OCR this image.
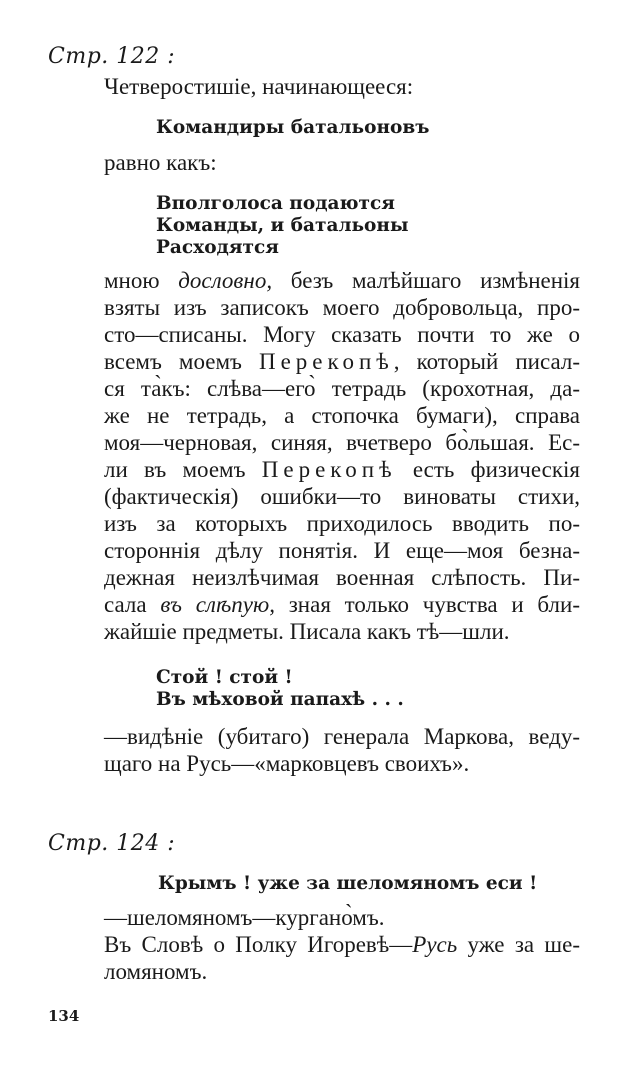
Стр. 122 :
Четверостишіе, начинающееся:
Командиры батальоновъ
равно какъ:
Вполголоса подаются
Команды, и батальоны
Расходятся
мною дословно, безъ малѣйшаго измѣненія
взяты изъ записокъ моего добровольца, про-
сто—списаны. Могу сказать почти то же о
всемъ моемъ Перекопѣ, который писал-
ся та̀къ: слѣва—его̀ тетрадь (крохотная, да-
же не тетрадь, а стопочка бумаги), справа
моя—черновая, синяя, вчетверо бо̀льшая. Ес-
ли въ моемъ Перекопѣ есть физическія
(фактическія) ошибки—то виноваты стихи,
изъ за которыхъ приходилось вводить по-
стороннія дѣлу понятія. И еще—моя безна-
дежная неизлѣчимая военная слѣпость. Пи-
сала въ слѣпую, зная только чувства и бли-
жайшіе предметы. Писала какъ тѣ—шли.
Стой ! стой !
Въ мѣховой папахѣ . . .
—видѣніе (убитаго) генерала Маркова, веду-
щаго на Русь—«марковцевъ своихъ».
Стр. 124 :
Крымъ ! уже за шеломяномъ еси !
—шеломяномъ—кургано̀мъ.
Въ Словѣ о Полку Игоревѣ—Русь уже за ше-
ломяномъ.
134
